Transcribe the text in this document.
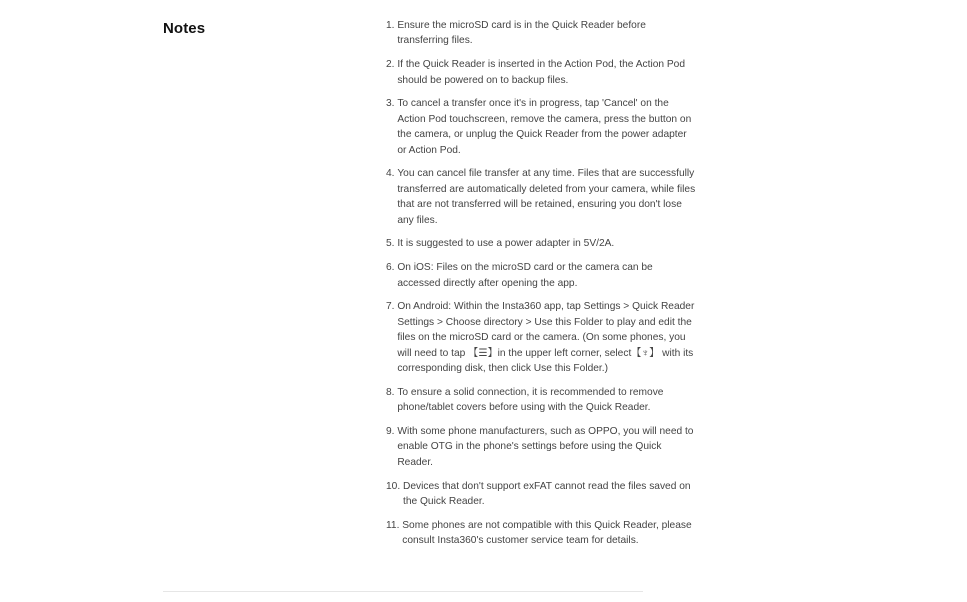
Notes	1. Ensure the microSD card is in the Quick Reader before transferring files.
2. If the Quick Reader is inserted in the Action Pod, the Action Pod should be powered on to backup files.
3. To cancel a transfer once it's in progress, tap 'Cancel' on the Action Pod touchscreen, remove the camera, press the button on the camera, or unplug the Quick Reader from the power adapter or Action Pod.
4. You can cancel file transfer at any time. Files that are successfully transferred are automatically deleted from your camera, while files that are not transferred will be retained, ensuring you don't lose any files.
5. It is suggested to use a power adapter in 5V/2A.
6. On iOS: Files on the microSD card or the camera can be accessed directly after opening the app.
7. On Android: Within the Insta360 app, tap Settings > Quick Reader Settings > Choose directory > Use this Folder to play and edit the files on the microSD card or the camera. (On some phones, you will need to tap 【☰】in the upper left corner, select【♆】 with its corresponding disk, then click Use this Folder.)
8. To ensure a solid connection, it is recommended to remove phone/tablet covers before using with the Quick Reader.
9. With some phone manufacturers, such as OPPO, you will need to enable OTG in the phone's settings before using the Quick Reader.
10. Devices that don't support exFAT cannot read the files saved on the Quick Reader.
11. Some phones are not compatible with this Quick Reader, please consult Insta360's customer service team for details.
